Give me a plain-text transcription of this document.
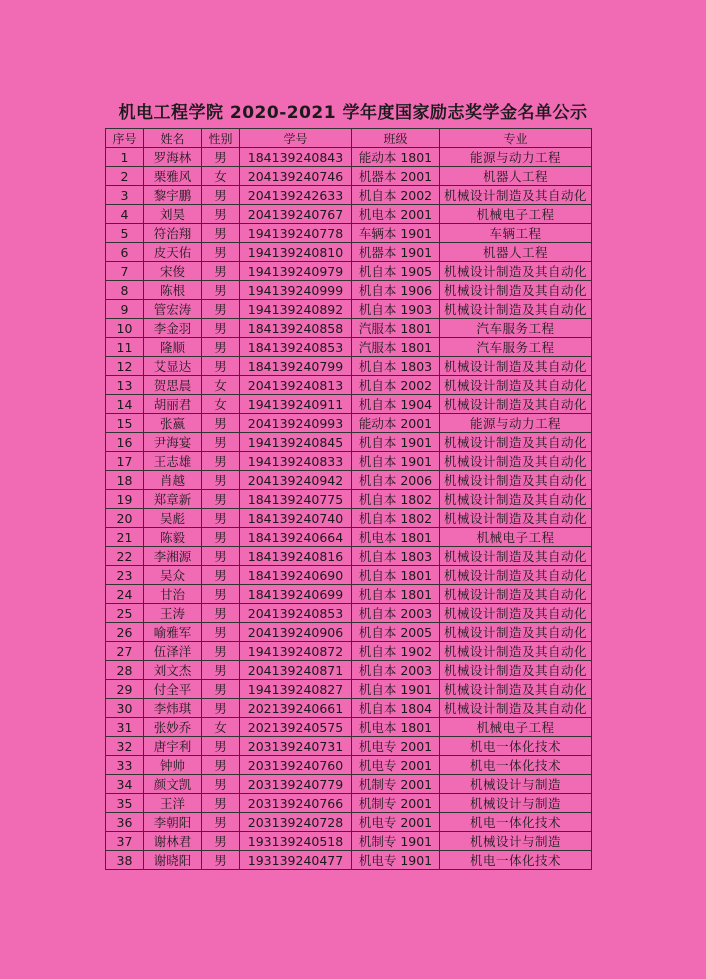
机电工程学院 2020-2021 学年度国家励志奖学金名单公示
序号	姓名	性别	学号	班级	专业
1	罗海林	男	184139240843	能动本 1801	能源与动力工程
2	栗雅风	女	204139240746	机器本 2001	机器人工程
3	黎宇鹏	男	204139242633	机自本 2002	机械设计制造及其自动化
4	刘昊	男	204139240767	机电本 2001	机械电子工程
5	符治翔	男	194139240778	车辆本 1901	车辆工程
6	皮天佑	男	194139240810	机器本 1901	机器人工程
7	宋俊	男	194139240979	机自本 1905	机械设计制造及其自动化
8	陈根	男	194139240999	机自本 1906	机械设计制造及其自动化
9	管宏涛	男	194139240892	机自本 1903	机械设计制造及其自动化
10	李金羽	男	184139240858	汽服本 1801	汽车服务工程
11	隆顺	男	184139240853	汽服本 1801	汽车服务工程
12	艾显达	男	184139240799	机自本 1803	机械设计制造及其自动化
13	贺思晨	女	204139240813	机自本 2002	机械设计制造及其自动化
14	胡丽君	女	194139240911	机自本 1904	机械设计制造及其自动化
15	张嬴	男	204139240993	能动本 2001	能源与动力工程
16	尹海宴	男	194139240845	机自本 1901	机械设计制造及其自动化
17	王志雄	男	194139240833	机自本 1901	机械设计制造及其自动化
18	肖越	男	204139240942	机自本 2006	机械设计制造及其自动化
19	郑章新	男	184139240775	机自本 1802	机械设计制造及其自动化
20	吴彪	男	184139240740	机自本 1802	机械设计制造及其自动化
21	陈毅	男	184139240664	机电本 1801	机械电子工程
22	李湘源	男	184139240816	机自本 1803	机械设计制造及其自动化
23	吴众	男	184139240690	机自本 1801	机械设计制造及其自动化
24	甘治	男	184139240699	机自本 1801	机械设计制造及其自动化
25	王涛	男	204139240853	机自本 2003	机械设计制造及其自动化
26	喻雅军	男	204139240906	机自本 2005	机械设计制造及其自动化
27	伍泽洋	男	194139240872	机自本 1902	机械设计制造及其自动化
28	刘文杰	男	204139240871	机自本 2003	机械设计制造及其自动化
29	付全平	男	194139240827	机自本 1901	机械设计制造及其自动化
30	李炜琪	男	202139240661	机自本 1804	机械设计制造及其自动化
31	张妙乔	女	202139240575	机电本 1801	机械电子工程
32	唐宇利	男	203139240731	机电专 2001	机电一体化技术
33	钟帅	男	203139240760	机电专 2001	机电一体化技术
34	颜文凯	男	203139240779	机制专 2001	机械设计与制造
35	王洋	男	203139240766	机制专 2001	机械设计与制造
36	李朝阳	男	203139240728	机电专 2001	机电一体化技术
37	谢林君	男	193139240518	机制专 1901	机械设计与制造
38	谢晓阳	男	193139240477	机电专 1901	机电一体化技术
